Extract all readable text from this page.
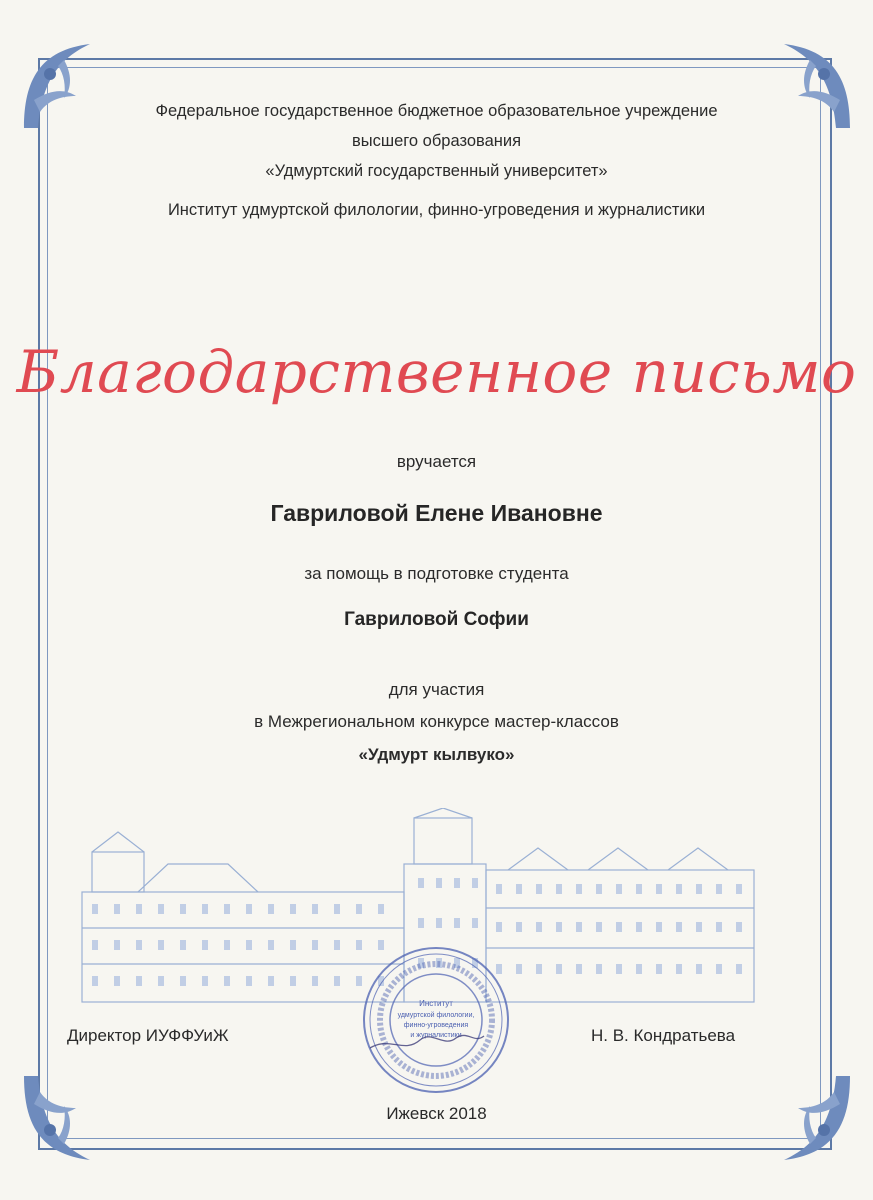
Федеральное государственное бюджетное образовательное учреждение
высшего образования
«Удмуртский государственный университет»
Институт удмуртской филологии, финно-угроведения и журналистики
Благодарственное письмо
вручается
Гавриловой Елене Ивановне
за помощь в подготовке студента
Гавриловой Софии
для участия
в Межрегиональном конкурсе мастер-классов
«Удмурт кылвуко»
Директор ИУФФУиЖ	Н. В. Кондратьева
Институт
удмуртской филологии,
финно-угроведения
и журналистики
Ижевск 2018
